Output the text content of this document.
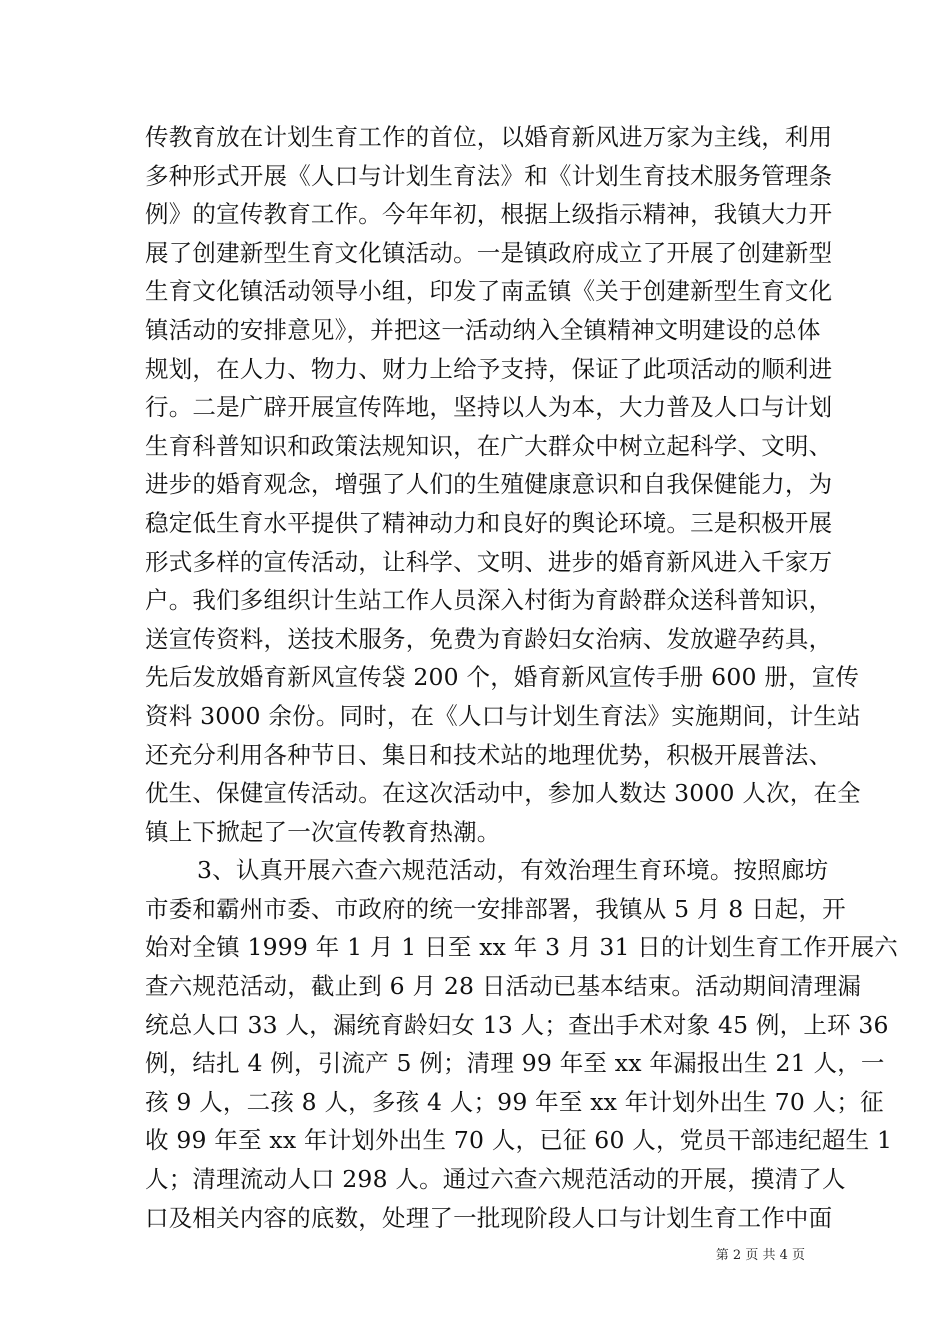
传教育放在计划生育工作的首位，以婚育新风进万家为主线，利用
多种形式开展《人口与计划生育法》和《计划生育技术服务管理条
例》的宣传教育工作。今年年初，根据上级指示精神，我镇大力开
展了创建新型生育文化镇活动。一是镇政府成立了开展了创建新型
生育文化镇活动领导小组，印发了南孟镇《关于创建新型生育文化
镇活动的安排意见》，并把这一活动纳入全镇精神文明建设的总体
规划，在人力、物力、财力上给予支持，保证了此项活动的顺利进
行。二是广辟开展宣传阵地，坚持以人为本，大力普及人口与计划
生育科普知识和政策法规知识，在广大群众中树立起科学、文明、
进步的婚育观念，增强了人们的生殖健康意识和自我保健能力，为
稳定低生育水平提供了精神动力和良好的舆论环境。三是积极开展
形式多样的宣传活动，让科学、文明、进步的婚育新风进入千家万
户。我们多组织计生站工作人员深入村街为育龄群众送科普知识，
送宣传资料，送技术服务，免费为育龄妇女治病、发放避孕药具，
先后发放婚育新风宣传袋 200 个，婚育新风宣传手册 600 册，宣传
资料 3000 余份。同时，在《人口与计划生育法》实施期间，计生站
还充分利用各种节日、集日和技术站的地理优势，积极开展普法、
优生、保健宣传活动。在这次活动中，参加人数达 3000 人次，在全
镇上下掀起了一次宣传教育热潮。
3、认真开展六查六规范活动，有效治理生育环境。按照廊坊
市委和霸州市委、市政府的统一安排部署，我镇从 5 月 8 日起，开
始对全镇 1999 年 1 月 1 日至 xx 年 3 月 31 日的计划生育工作开展六
查六规范活动，截止到 6 月 28 日活动已基本结束。活动期间清理漏
统总人口 33 人，漏统育龄妇女 13 人；查出手术对象 45 例，上环 36
例，结扎 4 例，引流产 5 例；清理 99 年至 xx 年漏报出生 21 人，一
孩 9 人，二孩 8 人，多孩 4 人；99 年至 xx 年计划外出生 70 人；征
收 99 年至 xx 年计划外出生 70 人，已征 60 人，党员干部违纪超生 1
人；清理流动人口 298 人。通过六查六规范活动的开展，摸清了人
口及相关内容的底数，处理了一批现阶段人口与计划生育工作中面
第 2 页 共 4 页
